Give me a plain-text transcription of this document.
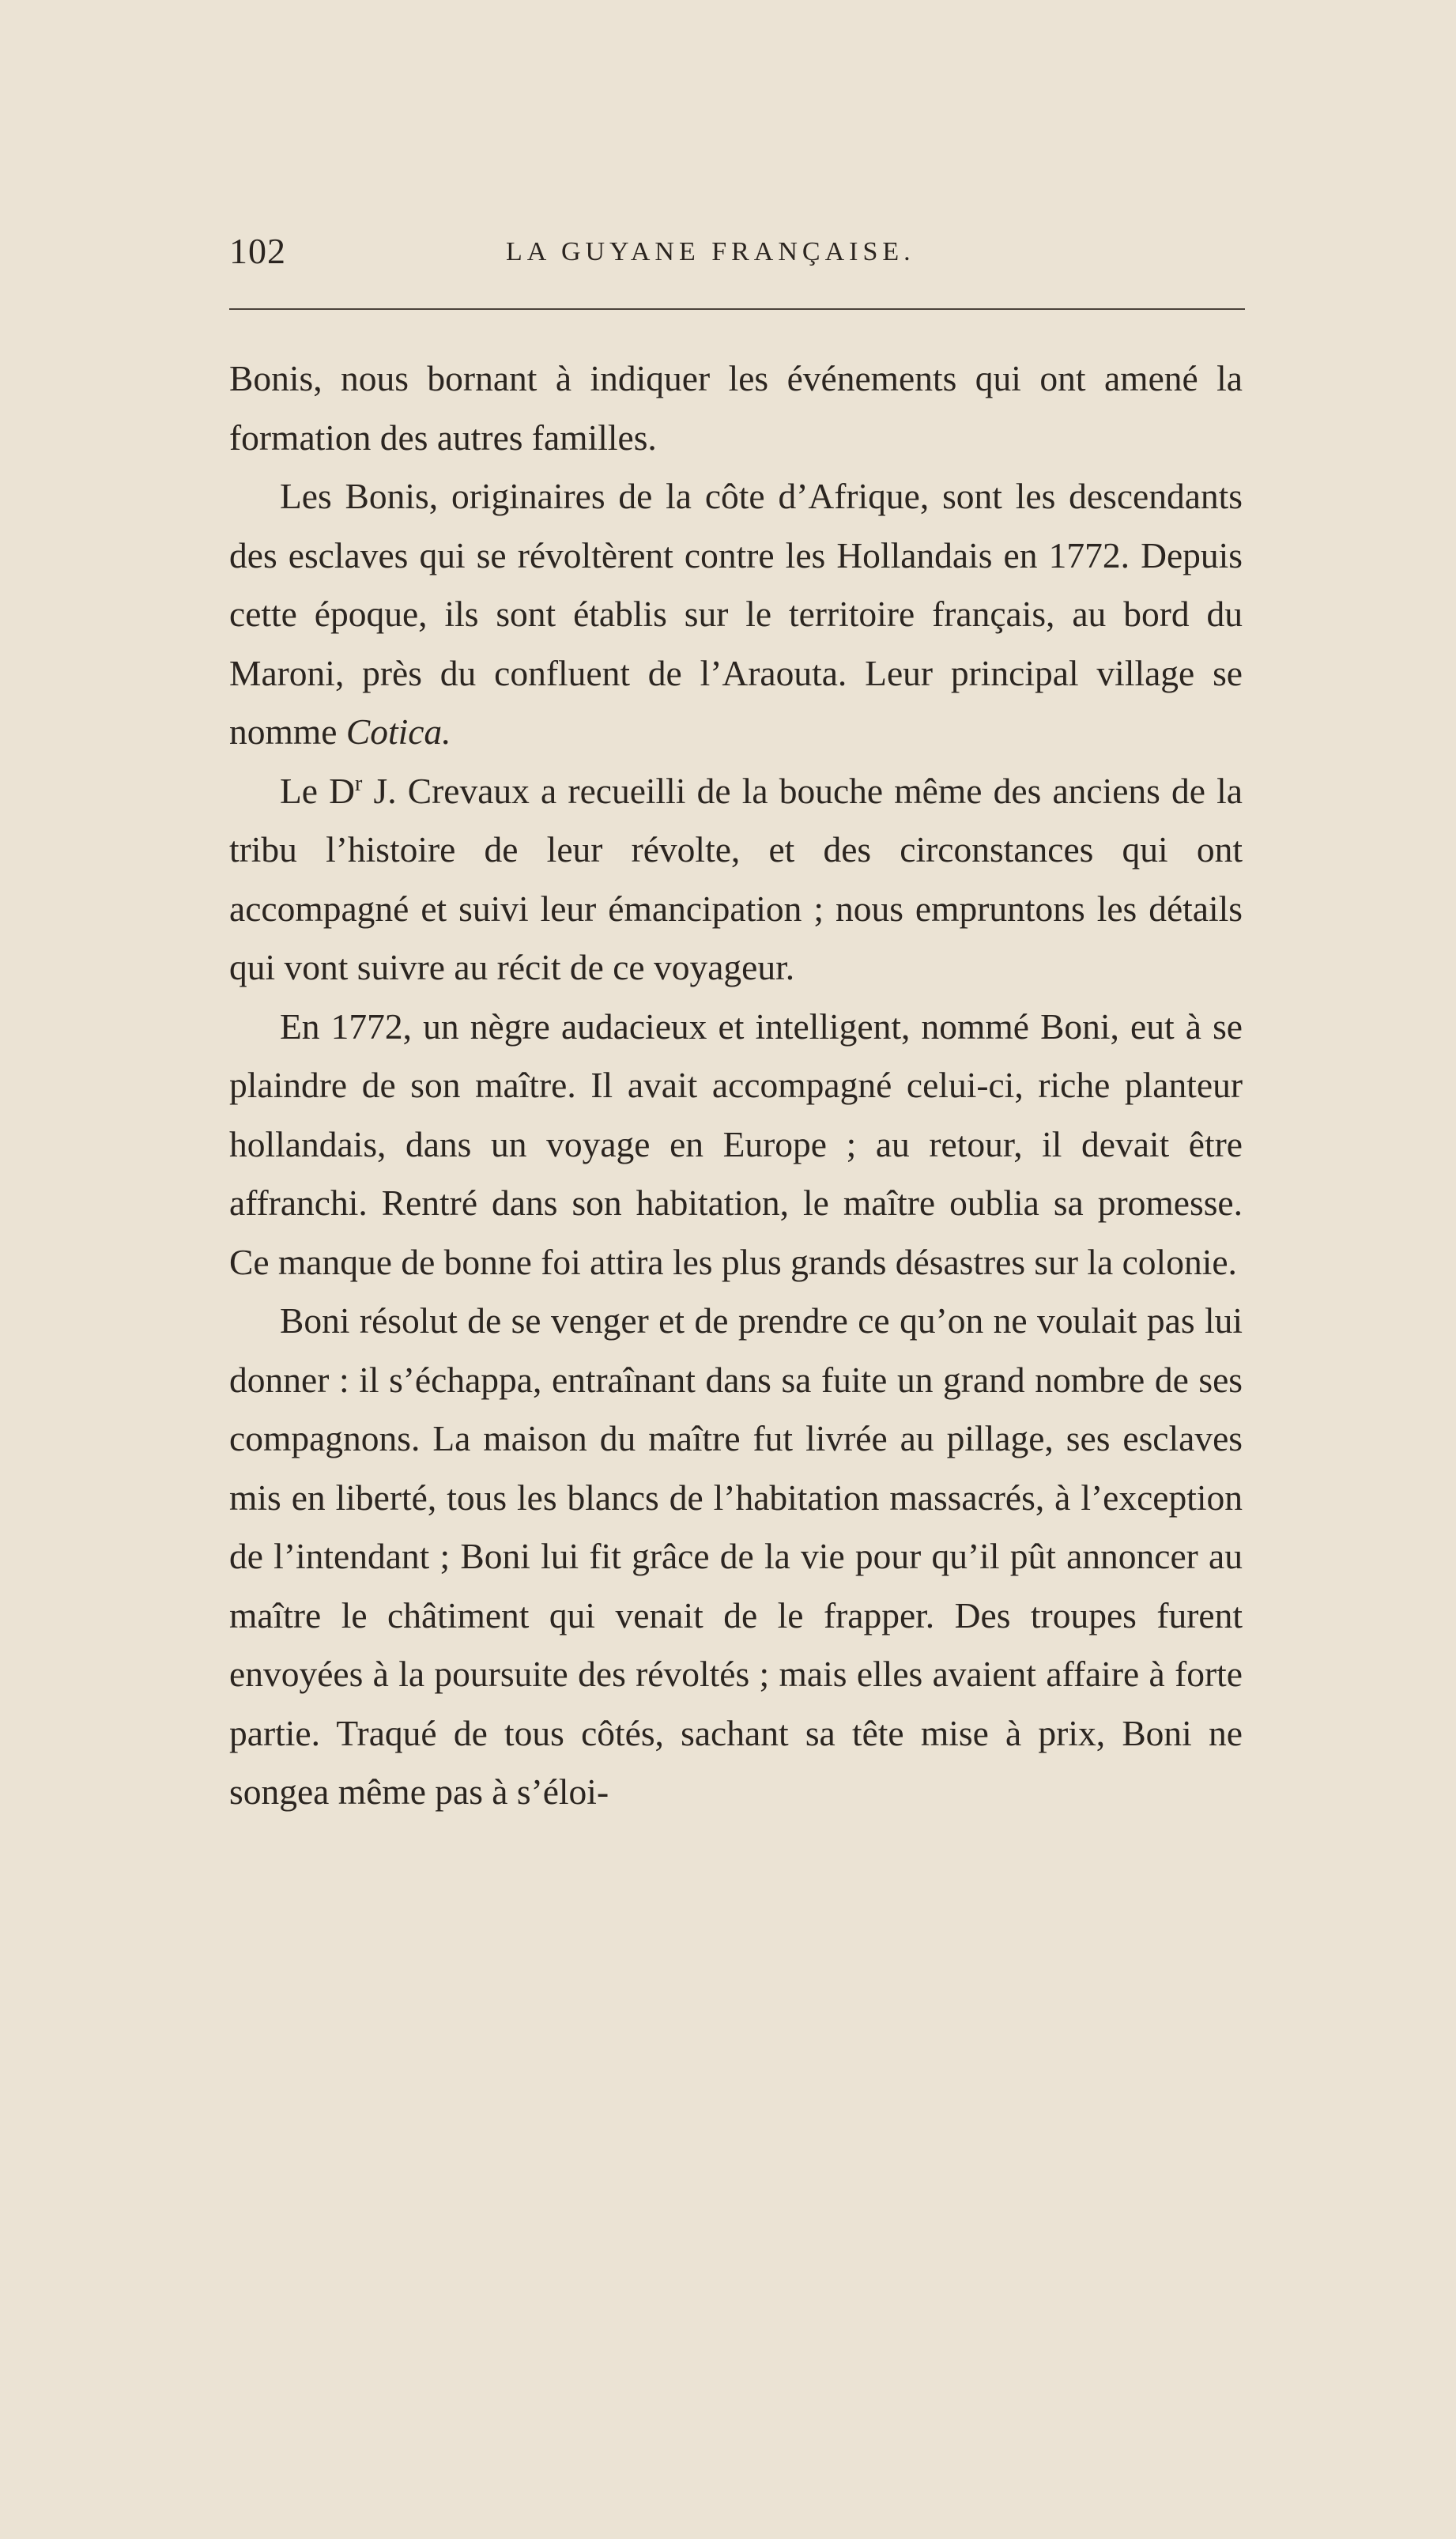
102	LA GUYANE FRANÇAISE.

Bonis, nous bornant à indiquer les événements qui ont amené la formation des autres familles.

Les Bonis, originaires de la côte d’Afrique, sont les descendants des esclaves qui se révoltèrent contre les Hollandais en 1772. Depuis cette époque, ils sont établis sur le territoire français, au bord du Maroni, près du confluent de l’Araouta. Leur principal village se nomme Cotica.

Le $D^r$ J. Crevaux a recueilli de la bouche même des anciens de la tribu l’histoire de leur révolte, et des circonstances qui ont accompagné et suivi leur émancipation ; nous empruntons les détails qui vont suivre au récit de ce voyageur.

En 1772, un nègre audacieux et intelligent, nommé Boni, eut à se plaindre de son maître. Il avait accompagné celui-ci, riche planteur hollandais, dans un voyage en Europe ; au retour, il devait être affranchi. Rentré dans son habitation, le maître oublia sa promesse. Ce manque de bonne foi attira les plus grands désastres sur la colonie.

Boni résolut de se venger et de prendre ce qu’on ne voulait pas lui donner : il s’échappa, entraînant dans sa fuite un grand nombre de ses compagnons. La maison du maître fut livrée au pillage, ses esclaves mis en liberté, tous les blancs de l’habitation massacrés, à l’exception de l’intendant ; Boni lui fit grâce de la vie pour qu’il pût annoncer au maître le châtiment qui venait de le frapper. Des troupes furent envoyées à la poursuite des révoltés ; mais elles avaient affaire à forte partie. Traqué de tous côtés, sachant sa tête mise à prix, Boni ne songea même pas à s’éloi-
